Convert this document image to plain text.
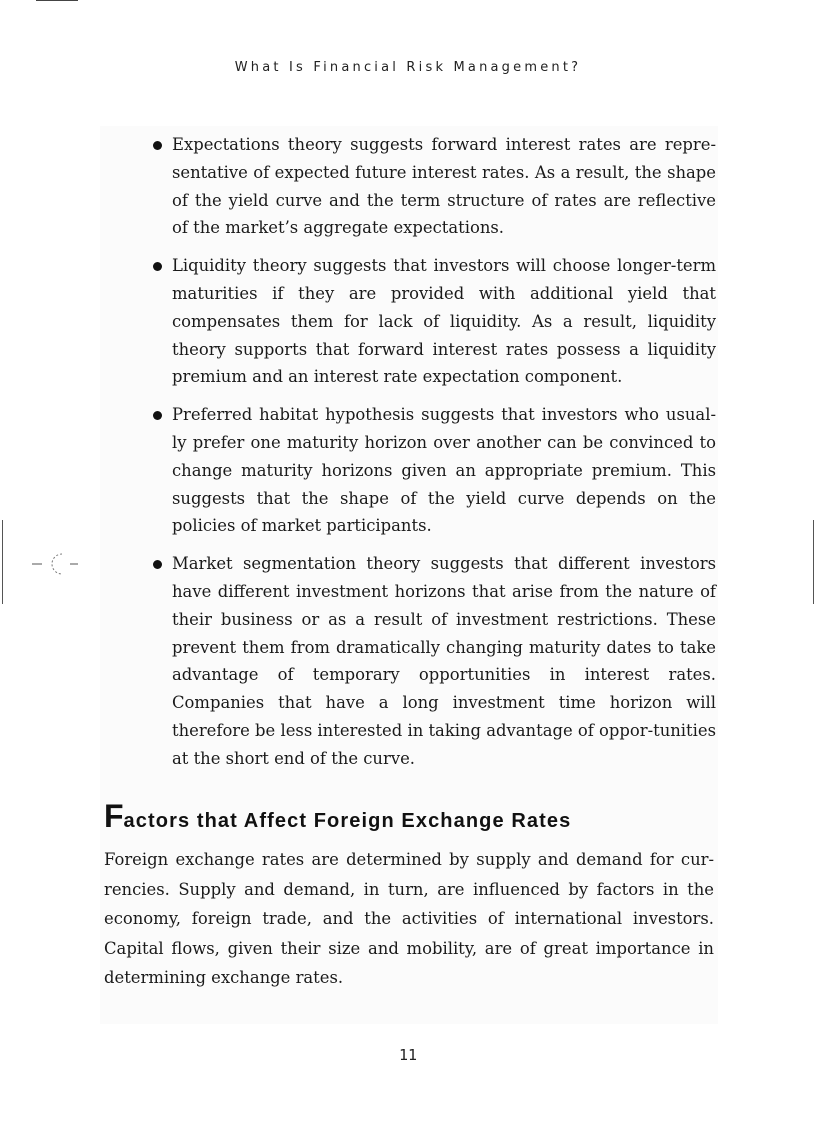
What Is Financial Risk Management?
Expectations theory suggests forward interest rates are repre-sentative of expected future interest rates. As a result, the shape of the yield curve and the term structure of rates are reflective of the market’s aggregate expectations.
Liquidity theory suggests that investors will choose longer-term maturities if they are provided with additional yield that compensates them for lack of liquidity. As a result, liquidity theory supports that forward interest rates possess a liquidity premium and an interest rate expectation component.
Preferred habitat hypothesis suggests that investors who usual-ly prefer one maturity horizon over another can be convinced to change maturity horizons given an appropriate premium. This suggests that the shape of the yield curve depends on the policies of market participants.
Market segmentation theory suggests that different investors have different investment horizons that arise from the nature of their business or as a result of investment restrictions. These prevent them from dramatically changing maturity dates to take advantage of temporary opportunities in interest rates. Companies that have a long investment time horizon will therefore be less interested in taking advantage of oppor-tunities at the short end of the curve.
Factors that Affect Foreign Exchange Rates

Foreign exchange rates are determined by supply and demand for cur-rencies. Supply and demand, in turn, are influenced by factors in the economy, foreign trade, and the activities of international investors. Capital flows, given their size and mobility, are of great importance in determining exchange rates.

11
